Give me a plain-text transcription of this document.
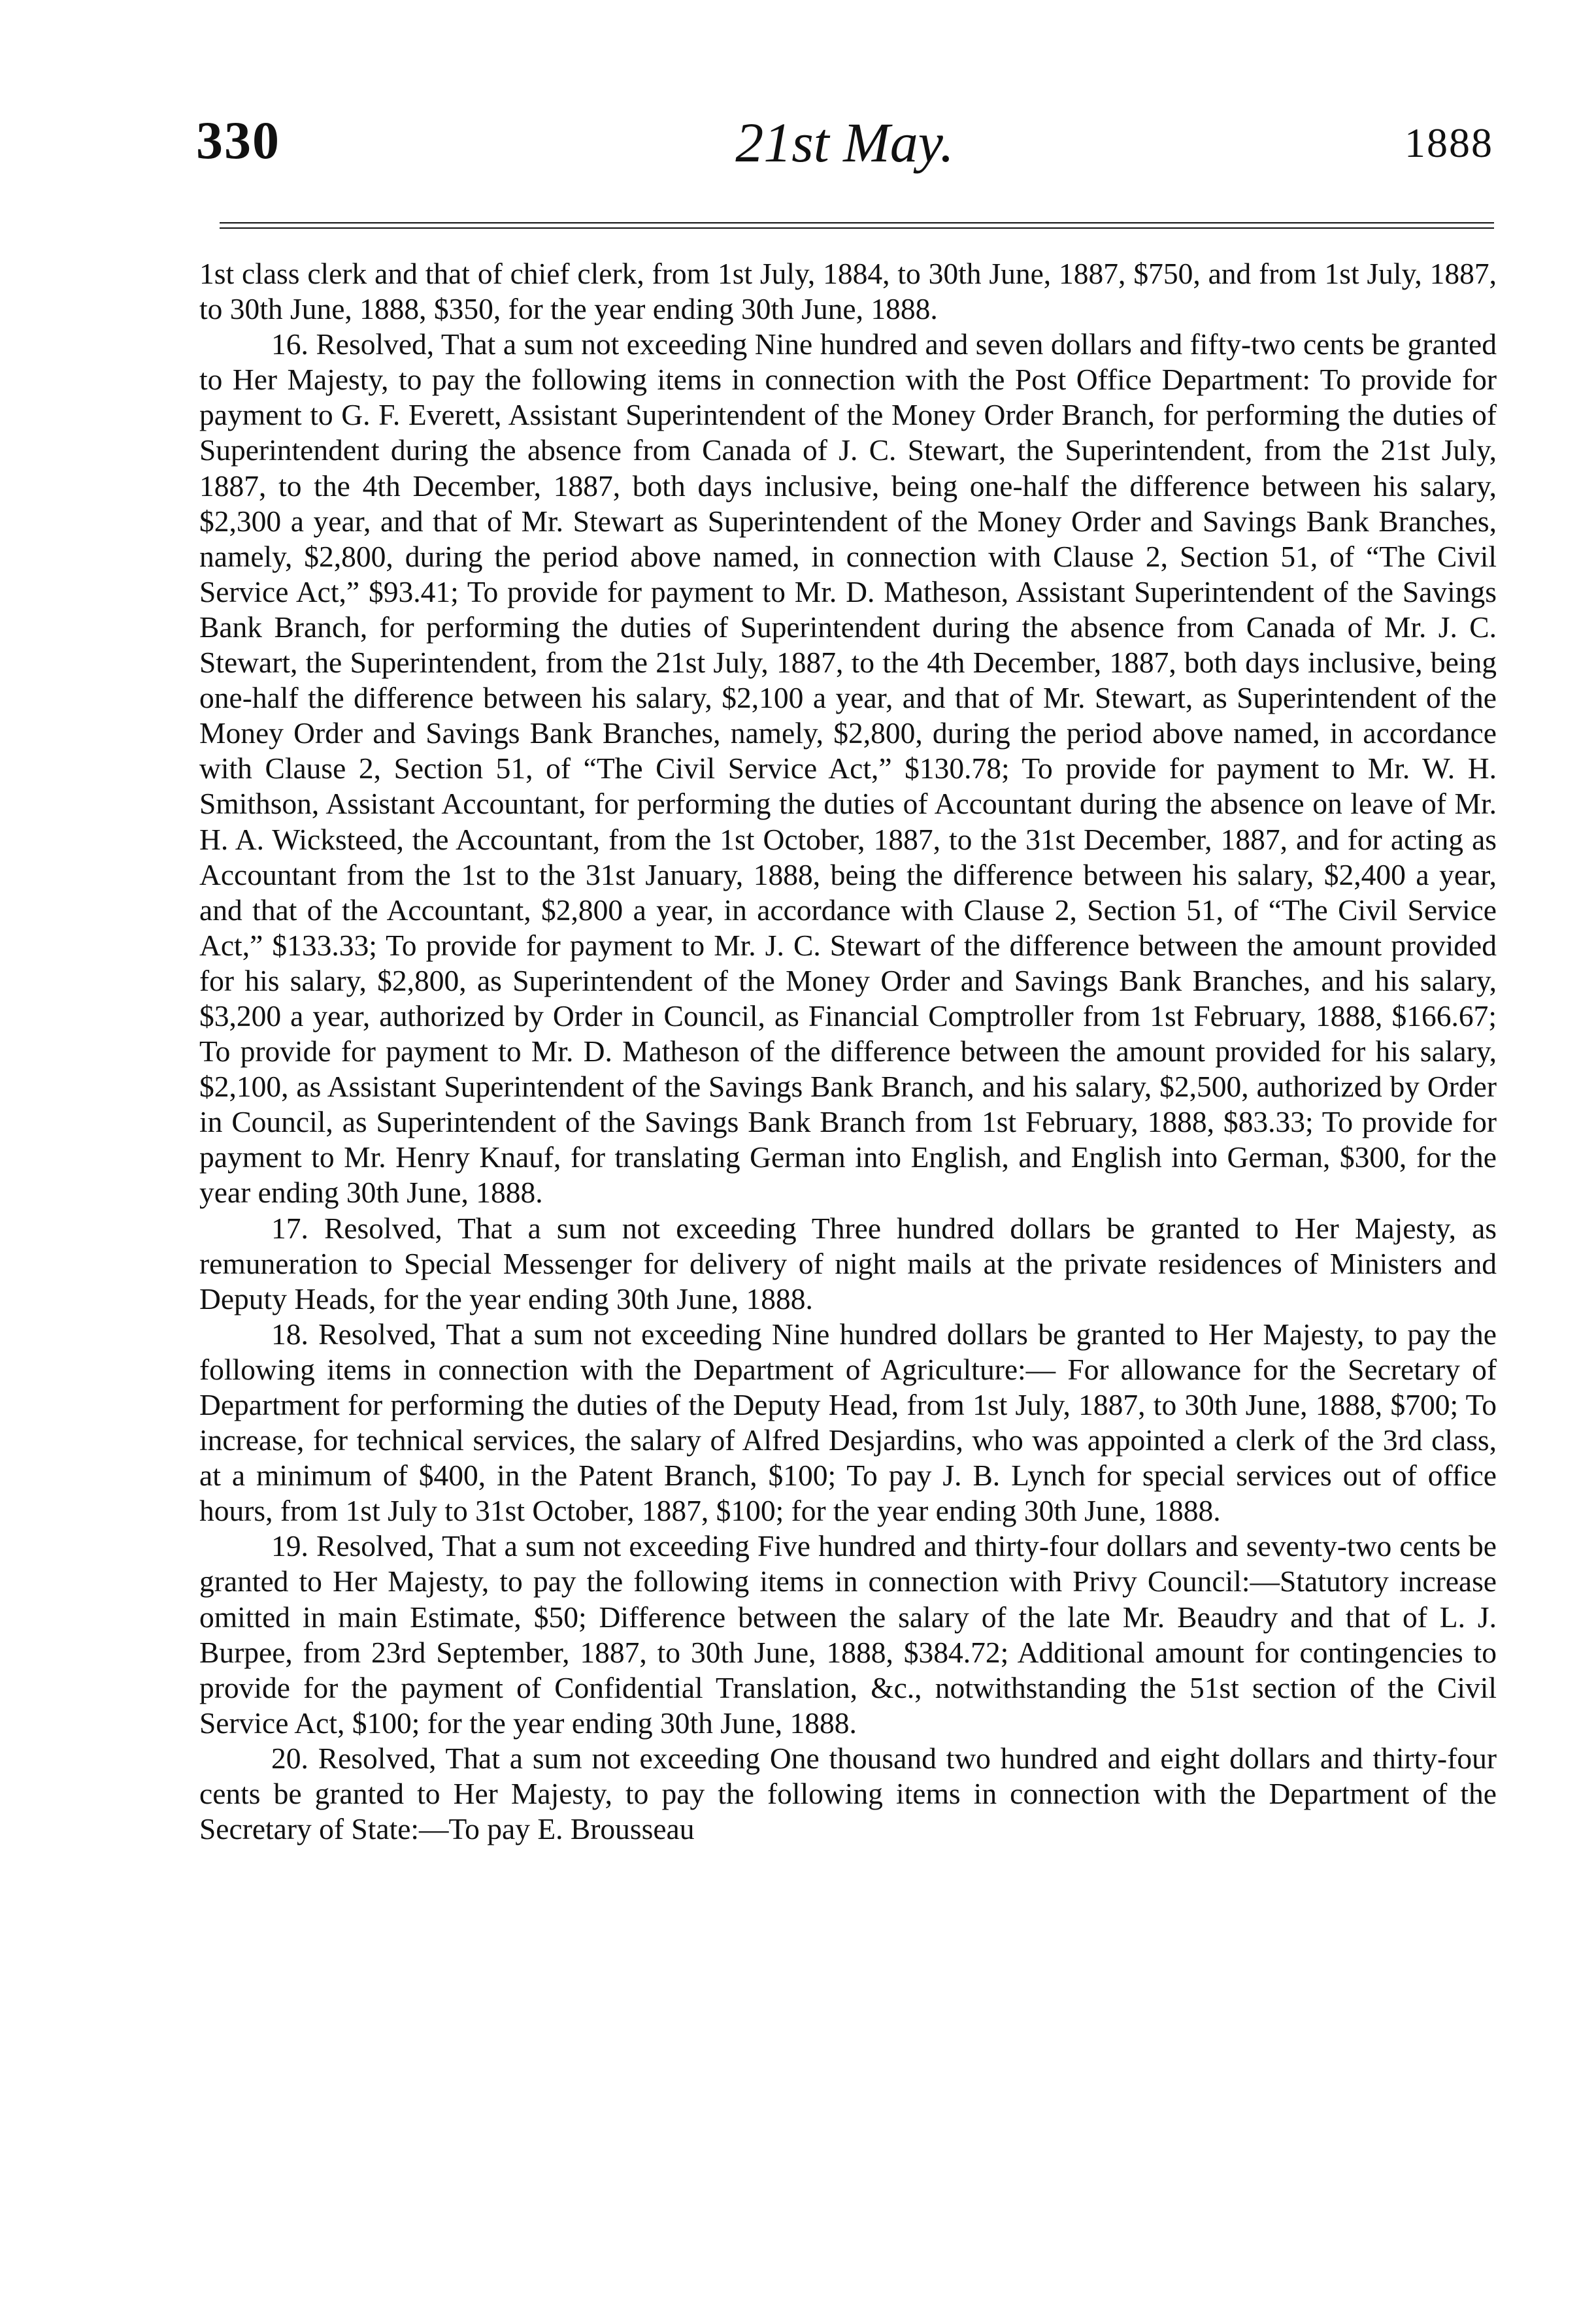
21st May.
330	1888

1st class clerk and that of chief clerk, from 1st July, 1884, to 30th June, 1887, $750, and from 1st July, 1887, to 30th June, 1888, $350, for the year ending 30th June, 1888.

16. Resolved, That a sum not exceeding Nine hundred and seven dollars and fifty-two cents be granted to Her Majesty, to pay the following items in connection with the Post Office Department: To provide for payment to G. F. Everett, Assistant Superintendent of the Money Order Branch, for performing the duties of Superintendent during the absence from Canada of J. C. Stewart, the Superintendent, from the 21st July, 1887, to the 4th December, 1887, both days inclusive, being one-half the difference between his salary, $2,300 a year, and that of Mr. Stewart as Superintendent of the Money Order and Savings Bank Branches, namely, $2,800, during the period above named, in connection with Clause 2, Section 51, of “The Civil Service Act,” $93.41; To provide for payment to Mr. D. Matheson, Assistant Superintendent of the Savings Bank Branch, for performing the duties of Superintendent during the absence from Canada of Mr. J. C. Stewart, the Superintendent, from the 21st July, 1887, to the 4th December, 1887, both days inclusive, being one-half the difference between his salary, $2,100 a year, and that of Mr. Stewart, as Superintendent of the Money Order and Savings Bank Branches, namely, $2,800, during the period above named, in accordance with Clause 2, Section 51, of “The Civil Service Act,” $130.78; To provide for payment to Mr. W. H. Smithson, Assistant Accountant, for performing the duties of Accountant during the absence on leave of Mr. H. A. Wicksteed, the Accountant, from the 1st October, 1887, to the 31st December, 1887, and for acting as Accountant from the 1st to the 31st January, 1888, being the difference between his salary, $2,400 a year, and that of the Accountant, $2,800 a year, in accordance with Clause 2, Section 51, of “The Civil Service Act,” $133.33; To provide for payment to Mr. J. C. Stewart of the difference between the amount provided for his salary, $2,800, as Superintendent of the Money Order and Savings Bank Branches, and his salary, $3,200 a year, authorized by Order in Council, as Financial Comptroller from 1st February, 1888, $166.67; To provide for payment to Mr. D. Matheson of the difference between the amount provided for his salary, $2,100, as Assistant Superintendent of the Savings Bank Branch, and his salary, $2,500, authorized by Order in Council, as Superintendent of the Savings Bank Branch from 1st February, 1888, $83.33; To provide for payment to Mr. Henry Knauf, for translating German into English, and English into German, $300, for the year ending 30th June, 1888.

17. Resolved, That a sum not exceeding Three hundred dollars be granted to Her Majesty, as remuneration to Special Messenger for delivery of night mails at the private residences of Ministers and Deputy Heads, for the year ending 30th June, 1888.

18. Resolved, That a sum not exceeding Nine hundred dollars be granted to Her Majesty, to pay the following items in connection with the Department of Agriculture:— For allowance for the Secretary of Department for performing the duties of the Deputy Head, from 1st July, 1887, to 30th June, 1888, $700; To increase, for technical services, the salary of Alfred Desjardins, who was appointed a clerk of the 3rd class, at a minimum of $400, in the Patent Branch, $100; To pay J. B. Lynch for special services out of office hours, from 1st July to 31st October, 1887, $100; for the year ending 30th June, 1888.

19. Resolved, That a sum not exceeding Five hundred and thirty-four dollars and seventy-two cents be granted to Her Majesty, to pay the following items in connection with Privy Council:—Statutory increase omitted in main Estimate, $50; Difference between the salary of the late Mr. Beaudry and that of L. J. Burpee, from 23rd September, 1887, to 30th June, 1888, $384.72; Additional amount for contingencies to provide for the payment of Confidential Translation, &c., notwithstanding the 51st section of the Civil Service Act, $100; for the year ending 30th June, 1888.

20. Resolved, That a sum not exceeding One thousand two hundred and eight dollars and thirty-four cents be granted to Her Majesty, to pay the following items in connection with the Department of the Secretary of State:—To pay E. Brousseau
